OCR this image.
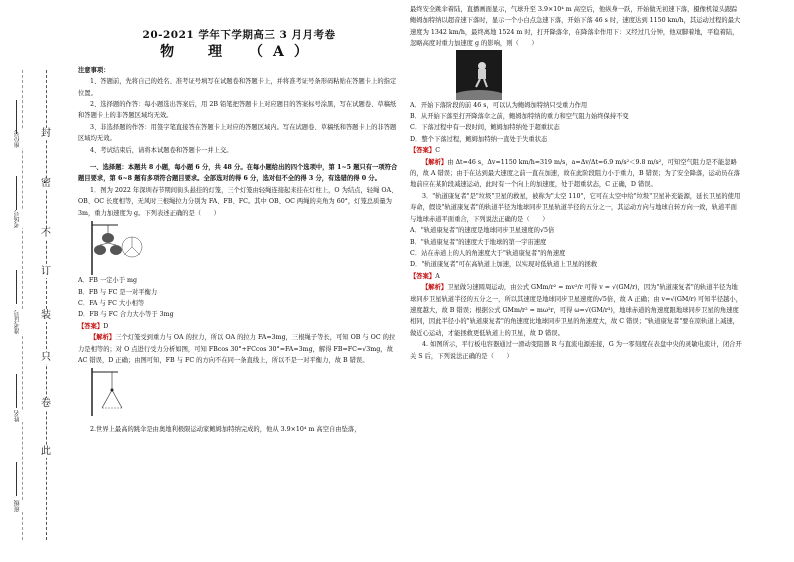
封
密
不
订
装
只
卷
此
座位号
考场号
准考证号
姓名
班级
20-2021 学年下学期高三 3 月月考卷
物　理　（A）

注意事项：

1、答题前，先将自己的姓名、准考证号填写在试题卷和答题卡上，并将准考证号条形码粘贴在答题卡上的指定位置。

2、选择题的作答：每小题选出答案后，用 2B 铅笔把答题卡上对应题目的答案标号涂黑，写在试题卷、草稿纸和答题卡上的非答题区域均无效。

3、非选择题的作答：用签字笔直接答在答题卡上对应的答题区域内。写在试题卷、草稿纸和答题卡上的非答题区域均无效。

4、考试结束后，请将本试题卷和答题卡一并上交。

一、选择题：本题共 8 小题，每小题 6 分，共 48 分。在每小题给出的四个选项中，第 1~5 题只有一项符合题目要求，第 6~8 题有多项符合题目要求。全部选对的得 6 分，选对但不全的得 3 分，有选错的得 0 分。

1．图为 2022 年深圳春节期间街头悬挂的灯笼，三个灯笼由轻绳连接起来挂在灯柱上，O 为结点，轻绳 OA、OB、OC 长度相等，无风时三根绳拉力分别为 FA、FB、FC。其中 OB、OC 两绳的夹角为 60°，灯笼总质量为 3m，重力加速度为 g。下列表述正确的是（　　）

A．FB 一定小于 mg

B．FB 与 FC 是一对平衡力

C．FA 与 FC 大小相等

D．FB 与 FC 合力大小等于 3mg

【答案】D

【解析】三个灯笼受到重力与 OA 的拉力，所以 OA 的拉力 FA=3mg，三根绳子等长，可知 OB 与 OC 的拉力是相等的；对 O 点进行受力分析如图，可知 FBcos 30°+FCcos 30°=FA=3mg，解得 FB=FC=√3mg，故 AC 错误，D 正确；由图可知，FB 与 FC 的方向不在同一条直线上，所以不是一对平衡力，故 B 错误。

2.世界上最高的跳伞是由奥地利极限运动家鲍姆加特纳完成的，他从 3.9×10⁴ m 高空自由坠落，

最终安全跳伞着陆，直播画面显示，气球升至 3.9×10⁴ m 高空后，他纵身一跃，开始做无初速下落，摄像机镜头跟踪鲍姆加特纳以超音速下落时，显示一个小白点急速下落，开始下落 46 s 时，速度达到 1150 km/h，其运动过程的最大速度为 1342 km/h，最终离地 1524 m 时，打开降落伞，在降落伞作用下：又经过几分钟，他双脚着地，平稳着陆，忽略高度对重力加速度 g 的影响，则（　　）

A．开始下落阶段的前 46 s，可以认为鲍姆加特纳只受重力作用

B．从开始下落至打开降落伞之前，鲍姆加特纳的重力和空气阻力始终保持不变

C．下落过程中有一段时间，鲍姆加特纳处于超重状态

D．整个下落过程，鲍姆加特纳一直处于失重状态

【答案】C

【解析】由 Δt=46 s，Δv=1150 km/h=319 m/s，a=Δv/Δt≈6.9 m/s²＜9.8 m/s²，可知空气阻力是不能忽略的，故 A 错误；由于在达到最大速度之前一直在加速，故在此阶段阻力小于重力，B 错误；为了安全降落，运动员在落地前应在某阶段减速运动，此时有一个向上的加速度，处于超重状态，C 正确，D 错误。

3．"轨道康复者"是"垃圾"卫星的救星，被称为"太空 110"，它可在太空中给"垃圾"卫星补充能源，延长卫星的使用寿命，假设"轨道康复者"的轨道半径为地球同步卫星轨道半径的五分之一，其运动方向与地球自转方向一致，轨道平面与地球赤道平面重合，下列说法正确的是（　　）

A．"轨道康复者"的速度是地球同步卫星速度的√5倍

B．"轨道康复者"的速度大于地球的第一宇宙速度

C．站在赤道上的人的角速度大于"轨道康复者"的角速度

D．"轨道康复者"可在高轨道上加速，以实现对低轨道上卫星的拯救

【答案】A

【解析】卫星做匀速圆周运动，由公式 GMm/r² = mv²/r 可得 v = √(GM/r)，因为"轨道康复者"的轨道半径为地球同步卫星轨道半径的五分之一，所以其速度是地球同步卫星速度的√5倍，故 A 正确；由 v=√(GM/r) 可知半径越小，速度越大，故 B 错误；根据公式 GMm/r² = mω²r，可得 ω=√(GM/r³)，地球赤道的角速度跟地球同步卫星的角速度相同，因此半径小的"轨道康复者"的角速度比地球同步卫星的角速度大，故 C 错误；"轨道康复者"要在原轨道上减速，做近心运动，才能拯救更低轨道上的卫星，故 D 错误。

4. 如图所示，平行板电容器通过一滑动变阻器 R 与直流电源连接，G 为一零刻度在表盘中央的灵敏电流计，闭合开关 S 后，下列说法正确的是（　　）
